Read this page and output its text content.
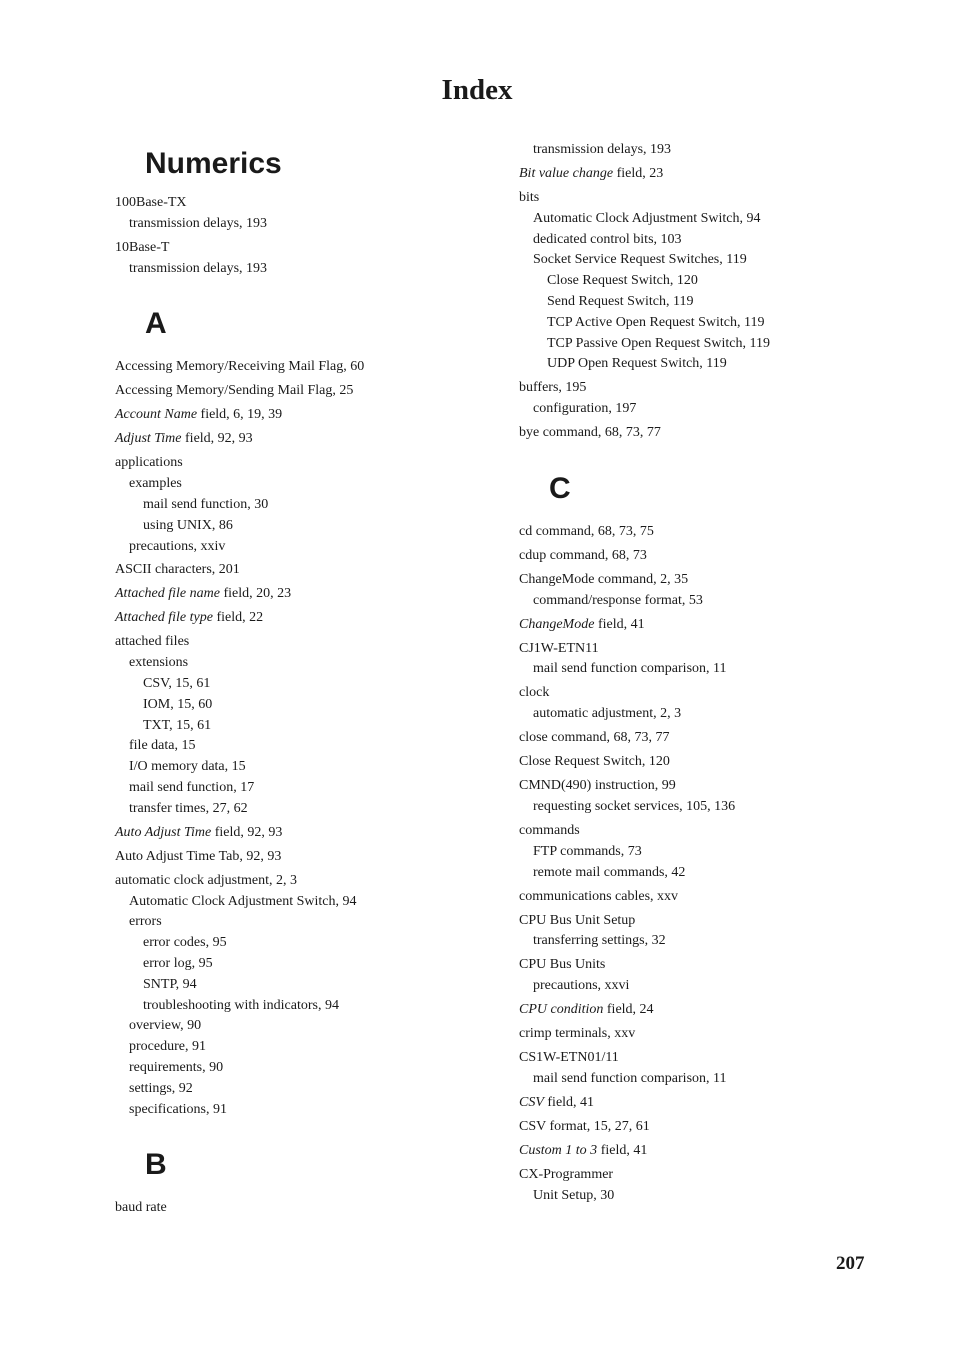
Index
Numerics
100Base-TX
transmission delays, 193
10Base-T
transmission delays, 193
A
Accessing Memory/Receiving Mail Flag, 60
Accessing Memory/Sending Mail Flag, 25
Account Name field, 6, 19, 39
Adjust Time field, 92, 93
applications
examples
mail send function, 30
using UNIX, 86
precautions, xxiv
ASCII characters, 201
Attached file name field, 20, 23
Attached file type field, 22
attached files
extensions
CSV, 15, 61
IOM, 15, 60
TXT, 15, 61
file data, 15
I/O memory data, 15
mail send function, 17
transfer times, 27, 62
Auto Adjust Time field, 92, 93
Auto Adjust Time Tab, 92, 93
automatic clock adjustment, 2, 3
Automatic Clock Adjustment Switch, 94
errors
error codes, 95
error log, 95
SNTP, 94
troubleshooting with indicators, 94
overview, 90
procedure, 91
requirements, 90
settings, 92
specifications, 91
B
baud rate
transmission delays, 193
Bit value change field, 23
bits
Automatic Clock Adjustment Switch, 94
dedicated control bits, 103
Socket Service Request Switches, 119
Close Request Switch, 120
Send Request Switch, 119
TCP Active Open Request Switch, 119
TCP Passive Open Request Switch, 119
UDP Open Request Switch, 119
buffers, 195
configuration, 197
bye command, 68, 73, 77
C
cd command, 68, 73, 75
cdup command, 68, 73
ChangeMode command, 2, 35
command/response format, 53
ChangeMode field, 41
CJ1W-ETN11
mail send function comparison, 11
clock
automatic adjustment, 2, 3
close command, 68, 73, 77
Close Request Switch, 120
CMND(490) instruction, 99
requesting socket services, 105, 136
commands
FTP commands, 73
remote mail commands, 42
communications cables, xxv
CPU Bus Unit Setup
transferring settings, 32
CPU Bus Units
precautions, xxvi
CPU condition field, 24
crimp terminals, xxv
CS1W-ETN01/11
mail send function comparison, 11
CSV field, 41
CSV format, 15, 27, 61
Custom 1 to 3 field, 41
CX-Programmer
Unit Setup, 30
207
